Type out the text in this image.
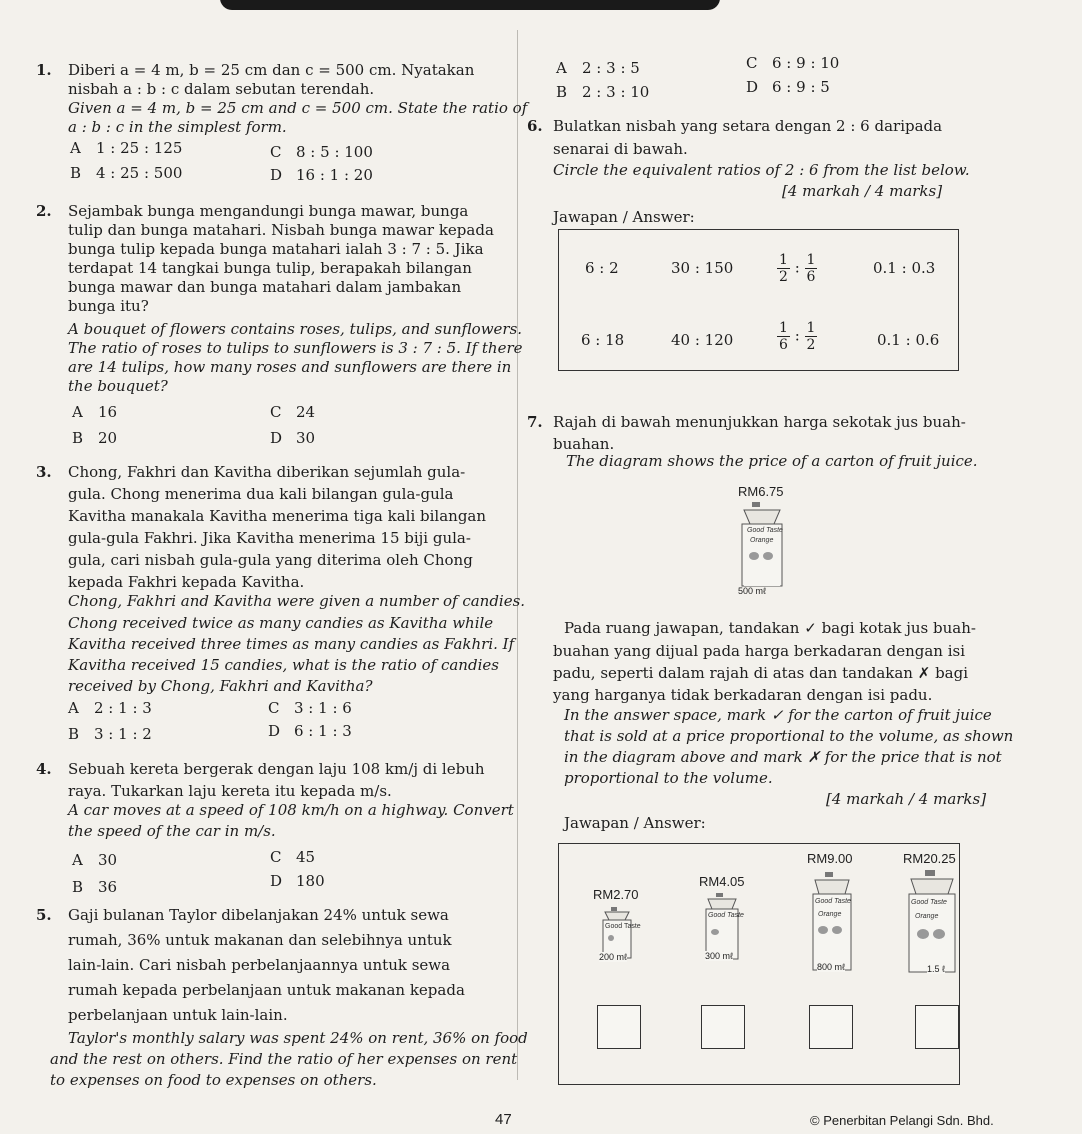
1. Diberi a = 4 m, b = 25 cm dan c = 500 cm. Nyatakan
nisbah a : b : c dalam sebutan terendah.
Given a = 4 m, b = 25 cm and c = 500 cm. State the ratio of
a : b : c in the simplest form.
A 1 : 25 : 125	C 8 : 5 : 100
B 4 : 25 : 500	D 16 : 1 : 20
2. Sejambak bunga mengandungi bunga mawar, bunga
tulip dan bunga matahari. Nisbah bunga mawar kepada
bunga tulip kepada bunga matahari ialah 3 : 7 : 5. Jika
terdapat 14 tangkai bunga tulip, berapakah bilangan
bunga mawar dan bunga matahari dalam jambakan
bunga itu?
A bouquet of flowers contains roses, tulips, and sunflowers.
The ratio of roses to tulips to sunflowers is 3 : 7 : 5. If there
are 14 tulips, how many roses and sunflowers are there in
the bouquet?
A 16	C 24
B 20	D 30
3. Chong, Fakhri dan Kavitha diberikan sejumlah gula-
gula. Chong menerima dua kali bilangan gula-gula
Kavitha manakala Kavitha menerima tiga kali bilangan
gula-gula Fakhri. Jika Kavitha menerima 15 biji gula-
gula, cari nisbah gula-gula yang diterima oleh Chong
kepada Fakhri kepada Kavitha.
Chong, Fakhri and Kavitha were given a number of candies.
Chong received twice as many candies as Kavitha while
Kavitha received three times as many candies as Fakhri. If
Kavitha received 15 candies, what is the ratio of candies
received by Chong, Fakhri and Kavitha?
A 2 : 1 : 3	C 3 : 1 : 6
B 3 : 1 : 2	D 6 : 1 : 3
4. Sebuah kereta bergerak dengan laju 108 km/j di lebuh
raya. Tukarkan laju kereta itu kepada m/s.
A car moves at a speed of 108 km/h on a highway. Convert
the speed of the car in m/s.
A 30	C 45
B 36	D 180
5. Gaji bulanan Taylor dibelanjakan 24% untuk sewa
rumah, 36% untuk makanan dan selebihnya untuk
lain-lain. Cari nisbah perbelanjaannya untuk sewa
rumah kepada perbelanjaan untuk makanan kepada
perbelanjaan untuk lain-lain.
Taylor's monthly salary was spent 24% on rent, 36% on food
and the rest on others. Find the ratio of her expenses on rent
to expenses on food to expenses on others.
A 2 : 3 : 5	C 6 : 9 : 10
B 2 : 3 : 10	D 6 : 9 : 5
6. Bulatkan nisbah yang setara dengan 2 : 6 daripada
senarai di bawah.
Circle the equivalent ratios of 2 : 6 from the list below.
[4 markah / 4 marks]
Jawapan / Answer:
6 : 2	30 : 150	$\frac{1}{2}$ : $\frac{1}{6}$	0.1 : 0.3
6 : 18	40 : 120	$\frac{1}{6}$ : $\frac{1}{2}$	0.1 : 0.6
7. Rajah di bawah menunjukkan harga sekotak jus buah-
buahan.
The diagram shows the price of a carton of fruit juice.
RM6.75
Good Taste
Orange
500 mℓ
Pada ruang jawapan, tandakan ✓ bagi kotak jus buah-
buahan yang dijual pada harga berkadaran dengan isi
padu, seperti dalam rajah di atas dan tandakan ✗ bagi
yang harganya tidak berkadaran dengan isi padu.
In the answer space, mark ✓ for the carton of fruit juice
that is sold at a price proportional to the volume, as shown
in the diagram above and mark ✗ for the price that is not
proportional to the volume.
[4 markah / 4 marks]
Jawapan / Answer:
RM2.70
Good Taste
200 mℓ
RM4.05
Good Taste
300 mℓ
RM9.00
Good Taste
Orange
800 mℓ
RM20.25
Good Taste
Orange
1.5 ℓ
47	© Penerbitan Pelangi Sdn. Bhd.
